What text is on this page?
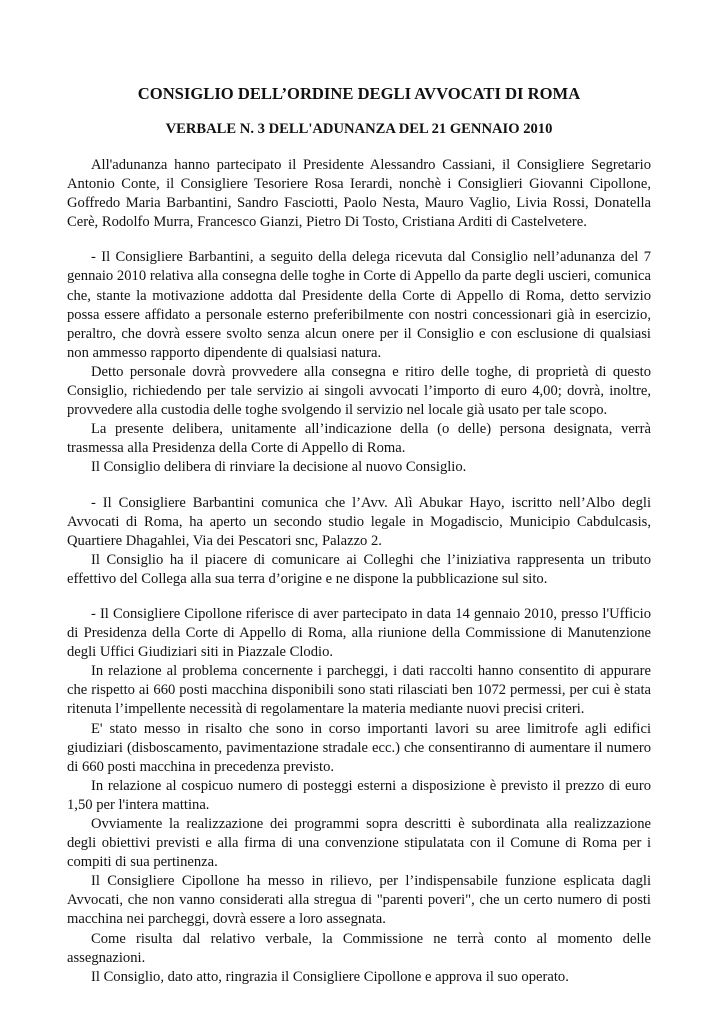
CONSIGLIO DELL’ORDINE DEGLI AVVOCATI DI ROMA
VERBALE N. 3 DELL'ADUNANZA DEL 21 GENNAIO 2010

All'adunanza hanno partecipato il Presidente Alessandro Cassiani, il Consigliere Segretario Antonio Conte, il Consigliere Tesoriere Rosa Ierardi, nonchè i Consiglieri Giovanni Cipollone, Goffredo Maria Barbantini, Sandro Fasciotti, Paolo Nesta, Mauro Vaglio, Livia Rossi, Donatella Cerè, Rodolfo Murra, Francesco Gianzi, Pietro Di Tosto, Cristiana Arditi di Castelvetere.

- Il Consigliere Barbantini, a seguito della delega ricevuta dal Consiglio nell’adunanza del 7 gennaio 2010 relativa alla consegna delle toghe in Corte di Appello da parte degli uscieri, comunica che, stante la motivazione addotta dal Presidente della Corte di Appello di Roma, detto servizio possa essere affidato a personale esterno preferibilmente con nostri concessionari già in esercizio, peraltro, che dovrà essere svolto senza alcun onere per il Consiglio e con esclusione di qualsiasi non ammesso rapporto dipendente di qualsiasi natura.

Detto personale dovrà provvedere alla consegna e ritiro delle toghe, di proprietà di questo Consiglio, richiedendo per tale servizio ai singoli avvocati l’importo di euro 4,00; dovrà, inoltre, provvedere alla custodia delle toghe svolgendo il servizio nel locale già usato per tale scopo.

La presente delibera, unitamente all’indicazione della (o delle) persona designata, verrà trasmessa alla Presidenza della Corte di Appello di Roma.

Il Consiglio delibera di rinviare la decisione al nuovo Consiglio.

- Il Consigliere Barbantini comunica che l’Avv. Alì Abukar Hayo, iscritto nell’Albo degli Avvocati di Roma, ha aperto un secondo studio legale in Mogadiscio, Municipio Cabdulcasis, Quartiere Dhagahlei, Via dei Pescatori snc, Palazzo 2.

Il Consiglio ha il piacere di comunicare ai Colleghi che l’iniziativa rappresenta un tributo effettivo del Collega alla sua terra d’origine e ne dispone la pubblicazione sul sito.

- Il Consigliere Cipollone riferisce di aver partecipato in data 14 gennaio 2010, presso l'Ufficio di Presidenza della Corte di Appello di Roma, alla riunione della Commissione di Manutenzione degli Uffici Giudiziari siti in Piazzale Clodio.

In relazione al problema concernente i parcheggi, i dati raccolti hanno consentito di appurare che rispetto ai 660 posti macchina disponibili sono stati rilasciati ben 1072 permessi, per cui è stata ritenuta l’impellente necessità di regolamentare la materia mediante nuovi precisi criteri.

E' stato messo in risalto che sono in corso importanti lavori su aree limitrofe agli edifici giudiziari (disboscamento, pavimentazione stradale ecc.) che consentiranno di aumentare il numero di 660 posti macchina in precedenza previsto.

In relazione al cospicuo numero di posteggi esterni a disposizione è previsto il prezzo di euro 1,50 per l'intera mattina.

Ovviamente la realizzazione dei programmi sopra descritti è subordinata alla realizzazione degli obiettivi previsti e alla firma di una convenzione stipulatata con il Comune di Roma per i compiti di sua pertinenza.

Il Consigliere Cipollone ha messo in rilievo, per l’indispensabile funzione esplicata dagli Avvocati, che non vanno considerati alla stregua di "parenti poveri", che un certo numero di posti macchina nei parcheggi, dovrà essere a loro assegnata.

Come risulta dal relativo verbale, la Commissione ne terrà conto al momento delle assegnazioni.

Il Consiglio, dato atto, ringrazia il Consigliere Cipollone e approva il suo operato.
